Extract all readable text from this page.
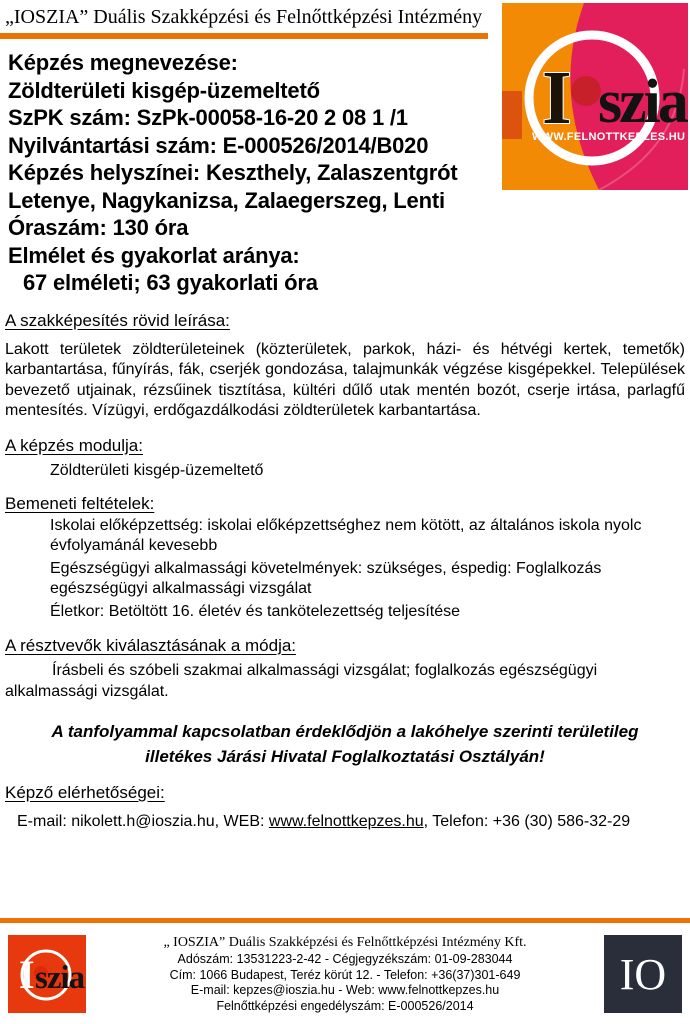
„IOSZIA” Duális Szakképzési és Felnőttképzési Intézmény
I szia
WWW.FELNOTTKEPZES.HU
Képzés megnevezése:
Zöldterületi kisgép-üzemeltető
SzPK szám: SzPk-00058-16-20 2 08 1 /1
Nyilvántartási szám: E-000526/2014/B020
Képzés helyszínei: Keszthely, Zalaszentgrót
Letenye, Nagykanizsa, Zalaegerszeg, Lenti
Óraszám: 130 óra
Elmélet és gyakorlat aránya:
67 elméleti; 63 gyakorlati óra
A szakképesítés rövid leírása:

Lakott területek zöldterületeinek (közterületek, parkok, házi- és hétvégi kertek, temetők) karbantartása, fűnyírás, fák, cserjék gondozása, talajmunkák végzése kisgépekkel. Települések bevezető utjainak, rézsűinek tisztítása, kültéri dűlő utak mentén bozót, cserje irtása, parlagfű mentesítés. Vízügyi, erdőgazdálkodási zöldterületek karbantartása.

A képzés modulja:
Zöldterületi kisgép-üzemeltető
Bemeneti feltételek:
Iskolai előképzettség: iskolai előképzettséghez nem kötött, az általános iskola nyolc évfolyamánál kevesebb
Egészségügyi alkalmassági követelmények: szükséges, éspedig: Foglalkozás egészségügyi alkalmassági vizsgálat
Életkor: Betöltött 16. életév és tankötelezettség teljesítése
A résztvevők kiválasztásának a módja:

Írásbeli és szóbeli szakmai alkalmassági vizsgálat; foglalkozás egészségügyi alkalmassági vizsgálat.

A tanfolyammal kapcsolatban érdeklődjön a lakóhelye szerinti területileg illetékes Járási Hivatal Foglalkoztatási Osztályán!

Képző elérhetőségei:
E-mail: nikolett.h@ioszia.hu, WEB: www.felnottkepzes.hu, Telefon: +36 (30) 586-32-29
I szia
„ IOSZIA” Duális Szakképzési és Felnőttképzési Intézmény Kft.
Adószám: 13531223-2-42 - Cégjegyzékszám: 01-09-283044
Cím: 1066 Budapest, Teréz körút 12. - Telefon: +36(37)301-649
E-mail: kepzes@ioszia.hu - Web: www.felnottkepzes.hu
Felnőttképzési engedélyszám: E-000526/2014
IO
